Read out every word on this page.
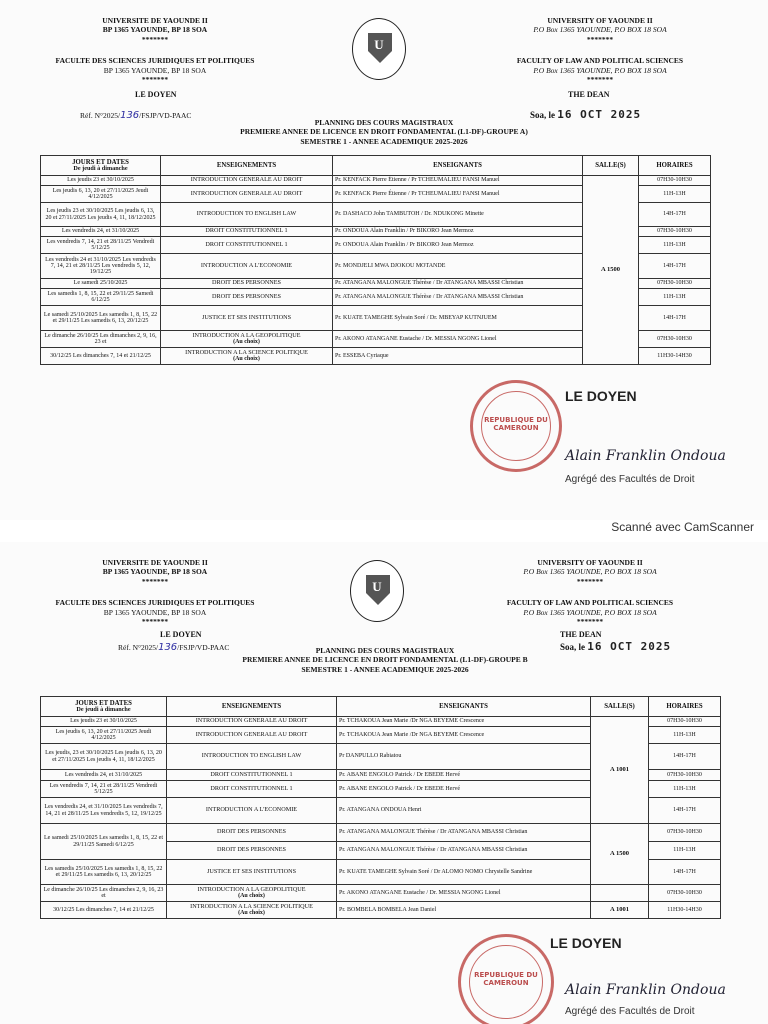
UNIVERSITE DE YAOUNDE II
BP 1365 YAOUNDE, BP 18 SOA
*******
FACULTE DES SCIENCES JURIDIQUES ET POLITIQUES
BP 1365 YAOUNDE, BP 18 SOA
*******
U
UNIVERSITY OF YAOUNDE II
P.O Box 1365 YAOUNDE, P.O BOX 18 SOA
*******
FACULTY OF LAW AND POLITICAL SCIENCES
P.O Box 1365 YAOUNDE, P.O BOX 18 SOA
*******
LE DOYEN	THE DEAN
Réf. N°2025/136/FSJP/VD-PAAC	Soa, le 16 OCT 2025
PLANNING DES COURS MAGISTRAUX
PREMIERE ANNEE DE LICENCE EN DROIT FONDAMENTAL (L1-DF)-GROUPE A)
SEMESTRE 1 - ANNEE ACADEMIQUE 2025-2026
JOURS ET DATES
De jeudi à dimanche	ENSEIGNEMENTS	ENSEIGNANTS	SALLE(S)	HORAIRES
Les jeudis 23 et 30/10/2025	INTRODUCTION GENERALE AU DROIT	Pr. KENFACK Pierre Étienne / Pr TCHEUMALIEU FANSI Manuel	A 1500	07H30-10H30
Les jeudis 6, 13, 20 et 27/11/2025 Jeudi 4/12/2025	INTRODUCTION GENERALE AU DROIT	Pr. KENFACK Pierre Étienne / Pr TCHEUMALIEU FANSI Manuel		11H-13H
Les jeudis 23 et 30/10/2025 Les jeudis 6, 13, 20 et 27/11/2025 Les jeudis 4, 11, 18/12/2025	INTRODUCTION TO ENGLISH LAW	Pr. DASHACO John TAMBUTOH / Dr. NDUKONG Minette		14H-17H
Les vendredis 24, et 31/10/2025	DROIT CONSTITUTIONNEL 1	Pr. ONDOUA Alain Franklin / Pr BIKORO Jean Mermoz		07H30-10H30
Les vendredis 7, 14, 21 et 28/11/25 Vendredi 5/12/25	DROIT CONSTITUTIONNEL 1	Pr. ONDOUA Alain Franklin / Pr BIKORO Jean Mermoz		11H-13H
Les vendredis 24 et 31/10/2025 Les vendredis 7, 14, 21 et 28/11/25 Les vendredis 5, 12, 19/12/25	INTRODUCTION A L'ECONOMIE	Pr. MONDJELI MWA DJOKOU MOTANDE		14H-17H
Le samedi 25/10/2025	DROIT DES PERSONNES	Pr. ATANGANA MALONGUE Thérèse / Dr ATANGANA MBASSI Christian		07H30-10H30
Les samedis 1, 8, 15, 22 et 29/11/25 Samedi 6/12/25	DROIT DES PERSONNES	Pr. ATANGANA MALONGUE Thérèse / Dr ATANGANA MBASSI Christian		11H-13H
Le samedi 25/10/2025 Les samedis 1, 8, 15, 22 et 29/11/25 Les samedis 6, 13, 20/12/25	JUSTICE ET SES INSTITUTIONS	Pr. KUATE TAMEGHE Sylvain Soré / Dr. MBEYAP KUTNJUEM		14H-17H
Le dimanche 26/10/25 Les dimanches 2, 9, 16, 23 et	INTRODUCTION A LA GEOPOLITIQUE
(Au choix)	Pr. AKONO ATANGANE Eustache / Dr. MESSIA NGONG Lionel		07H30-10H30
30/12/25 Les dimanches 7, 14 et 21/12/25	INTRODUCTION A LA SCIENCE POLITIQUE
(Au choix)	Pr. ESSEBA Cyriaque		11H30-14H30
REPUBLIQUE DU CAMEROUN
LE DOYEN
Alain Franklin Ondoua
Agrégé des Facultés de Droit
Scanné avec CamScanner
UNIVERSITE DE YAOUNDE II
BP 1365 YAOUNDE, BP 18 SOA
*******
FACULTE DES SCIENCES JURIDIQUES ET POLITIQUES
BP 1365 YAOUNDE, BP 18 SOA
*******
U
UNIVERSITY OF YAOUNDE II
P.O Box 1365 YAOUNDE, P.O BOX 18 SOA
*******
FACULTY OF LAW AND POLITICAL SCIENCES
P.O Box 1365 YAOUNDE, P.O BOX 18 SOA
*******
LE DOYEN
Réf. N°2025/136/FSJP/VD-PAAC
THE DEAN
Soa, le 16 OCT 2025
PLANNING DES COURS MAGISTRAUX
PREMIERE ANNEE DE LICENCE EN DROIT FONDAMENTAL (L1-DF)-GROUPE B
SEMESTRE 1 - ANNEE ACADEMIQUE 2025-2026
JOURS ET DATES
De jeudi à dimanche	ENSEIGNEMENTS	ENSEIGNANTS	SALLE(S)	HORAIRES
Les jeudis 23 et 30/10/2025	INTRODUCTION GENERALE AU DROIT	Pr. TCHAKOUA Jean Marie /Dr NGA BEYEME Crescence	A 1001	07H30-10H30
Les jeudis 6, 13, 20 et 27/11/2025 Jeudi 4/12/2025	INTRODUCTION GENERALE AU DROIT	Pr. TCHAKOUA Jean Marie /Dr NGA BEYEME Crescence		11H-13H
Les jeudis, 23 et 30/10/2025 Les jeudis 6, 13, 20 et 27/11/2025 Les jeudis 4, 11, 18/12/2025	INTRODUCTION TO ENGLISH LAW	Pr DANPULLO Rabiatou		14H-17H
Les vendredis 24, et 31/10/2025	DROIT CONSTITUTIONNEL 1	Pr. ABANE ENGOLO Patrick / Dr EBEDE Hervé		07H30-10H30
Les vendredis 7, 14, 21 et 28/11/25 Vendredi 5/12/25	DROIT CONSTITUTIONNEL 1	Pr. ABANE ENGOLO Patrick / Dr EBEDE Hervé		11H-13H
Les vendredis 24, et 31/10/2025 Les vendredis 7, 14, 21 et 28/11/25 Les vendredis 5, 12, 19/12/25	INTRODUCTION A L'ECONOMIE	Pr. ATANGANA ONDOUA Henri		14H-17H
Le samedi 25/10/2025 Les samedis 1, 8, 15, 22 et 29/11/25 Samedi 6/12/25	DROIT DES PERSONNES	Pr. ATANGANA MALONGUE Thérèse / Dr ATANGANA MBASSI Christian	A 1500	07H30-10H30
	DROIT DES PERSONNES	Pr. ATANGANA MALONGUE Thérèse / Dr ATANGANA MBASSI Christian		11H-13H
Les samedis 25/10/2025 Les samedis 1, 8, 15, 22 et 29/11/25 Les samedis 6, 13, 20/12/25	JUSTICE ET SES INSTITUTIONS	Pr. KUATE TAMEGHE Sylvain Soré / Dr ALOMO NOMO Chrystelle Sandrine		14H-17H
Le dimanche 26/10/25 Les dimanches 2, 9, 16, 23 et	INTRODUCTION A LA GEOPOLITIQUE
(Au choix)	Pr. AKONO ATANGANE Eustache / Dr. MESSIA NGONG Lionel		07H30-10H30
30/12/25 Les dimanches 7, 14 et 21/12/25	INTRODUCTION A LA SCIENCE POLITIQUE
(Au choix)	Pr. BOMBELA BOMBELA Jean Daniel	A 1001	11H30-14H30
REPUBLIQUE DU CAMEROUN
LE DOYEN
Alain Franklin Ondoua
Agrégé des Facultés de Droit
